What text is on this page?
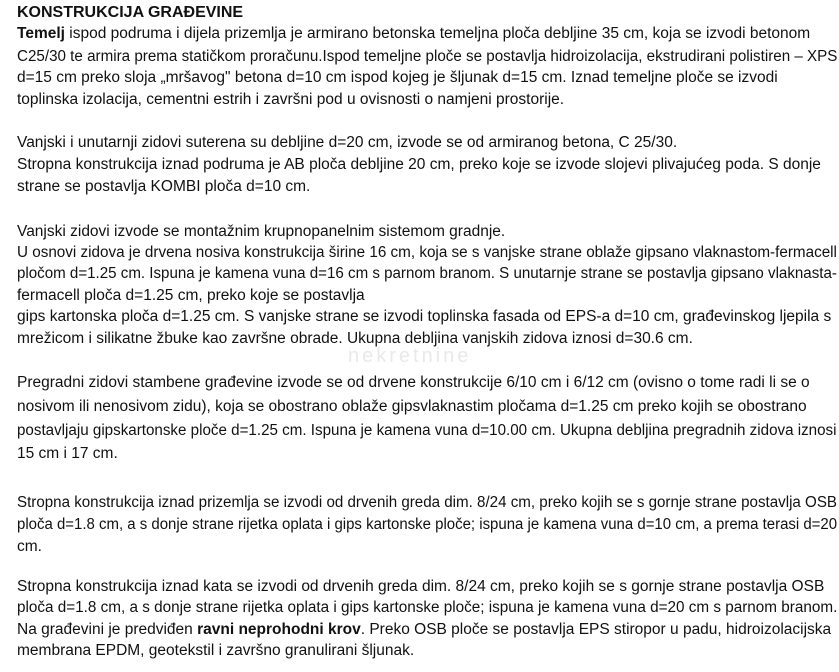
KONSTRUKCIJA GRAĐEVINE
Temelj ispod podruma i dijela prizemlja je armirano betonska temeljna ploča debljine 35 cm, koja se izvodi betonom
C25/30 te armira prema statičkom proračunu.Ispod temeljne ploče se postavlja hidroizolacija, ekstrudirani polistiren – XPS
d=15 cm preko sloja „mršavog" betona d=10 cm ispod kojeg je šljunak d=15 cm. Iznad temeljne ploče se izvodi
toplinska izolacija, cementni estrih i završni pod u ovisnosti o namjeni prostorije.
Vanjski i unutarnji zidovi suterena su debljine d=20 cm, izvode se od armiranog betona, C 25/30.
Stropna konstrukcija iznad podruma je AB ploča debljine 20 cm, preko koje se izvode slojevi plivajućeg poda. S donje
strane se postavlja KOMBI ploča d=10 cm.
Vanjski zidovi izvode se montažnim krupnopanelnim sistemom gradnje.
U osnovi zidova je drvena nosiva konstrukcija širine 16 cm, koja se s vanjske strane oblaže gipsano vlaknastom-fermacell
pločom d=1.25 cm. Ispuna je kamena vuna d=16 cm s parnom branom. S unutarnje strane se postavlja gipsano vlaknasta-
fermacell ploča d=1.25 cm, preko koje se postavlja
gips kartonska ploča d=1.25 cm. S vanjske strane se izvodi toplinska fasada od EPS-a d=10 cm, građevinskog ljepila s
mrežicom i silikatne žbuke kao završne obrade. Ukupna debljina vanjskih zidova iznosi d=30.6 cm.
nekretnine
Pregradni zidovi stambene građevine izvode se od drvene konstrukcije 6/10 cm i 6/12 cm (ovisno o tome radi li se o
nosivom ili nenosivom zidu), koja se obostrano oblaže gipsvlaknastim pločama d=1.25 cm preko kojih se obostrano
postavljaju gipskartonske ploče d=1.25 cm. Ispuna je kamena vuna d=10.00 cm. Ukupna debljina pregradnih zidova iznosi
15 cm i 17 cm.
Stropna konstrukcija iznad prizemlja se izvodi od drvenih greda dim. 8/24 cm, preko kojih se s gornje strane postavlja OSB
ploča d=1.8 cm, a s donje strane rijetka oplata i gips kartonske ploče; ispuna je kamena vuna d=10 cm, a prema terasi d=20
cm.
Stropna konstrukcija iznad kata se izvodi od drvenih greda dim. 8/24 cm, preko kojih se s gornje strane postavlja OSB
ploča d=1.8 cm, a s donje strane rijetka oplata i gips kartonske ploče; ispuna je kamena vuna d=20 cm s parnom branom.
Na građevini je predviđen ravni neprohodni krov. Preko OSB ploče se postavlja EPS stiropor u padu, hidroizolacijska
membrana EPDM, geotekstil i završno granulirani šljunak.
